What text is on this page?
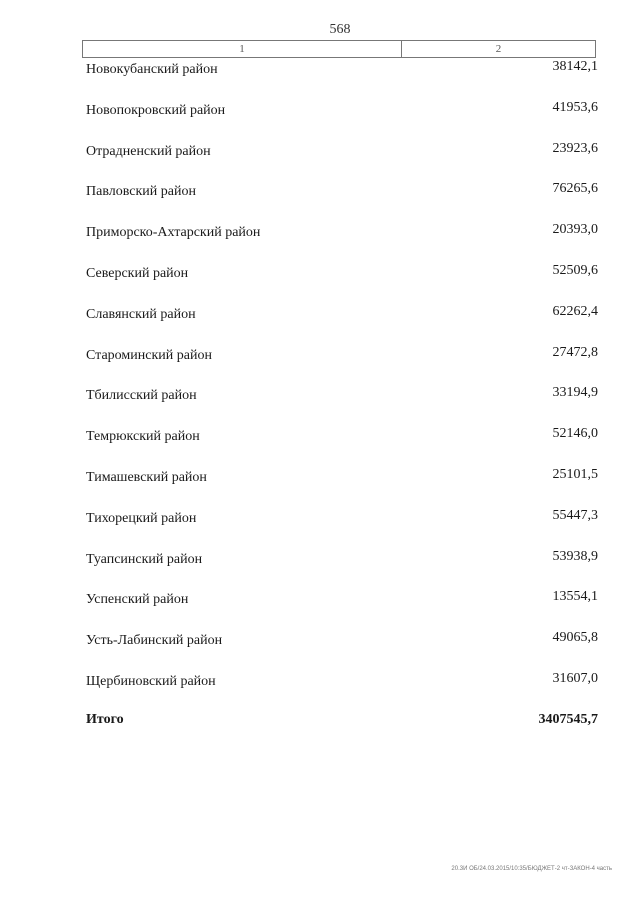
568
1	2
Новокубанский район	38142,1
Новопокровский район	41953,6
Отрадненский район	23923,6
Павловский район	76265,6
Приморско-Ахтарский район	20393,0
Северский район	52509,6
Славянский район	62262,4
Староминский район	27472,8
Тбилисский район	33194,9
Темрюкский район	52146,0
Тимашевский район	25101,5
Тихорецкий район	55447,3
Туапсинский район	53938,9
Успенский район	13554,1
Усть-Лабинский район	49065,8
Щербиновский район	31607,0
Итого	3407545,7
20.3И ОБ/24.03.2015/10:35/БЮДЖЕТ-2 чт-ЗАКОН-4 часть
